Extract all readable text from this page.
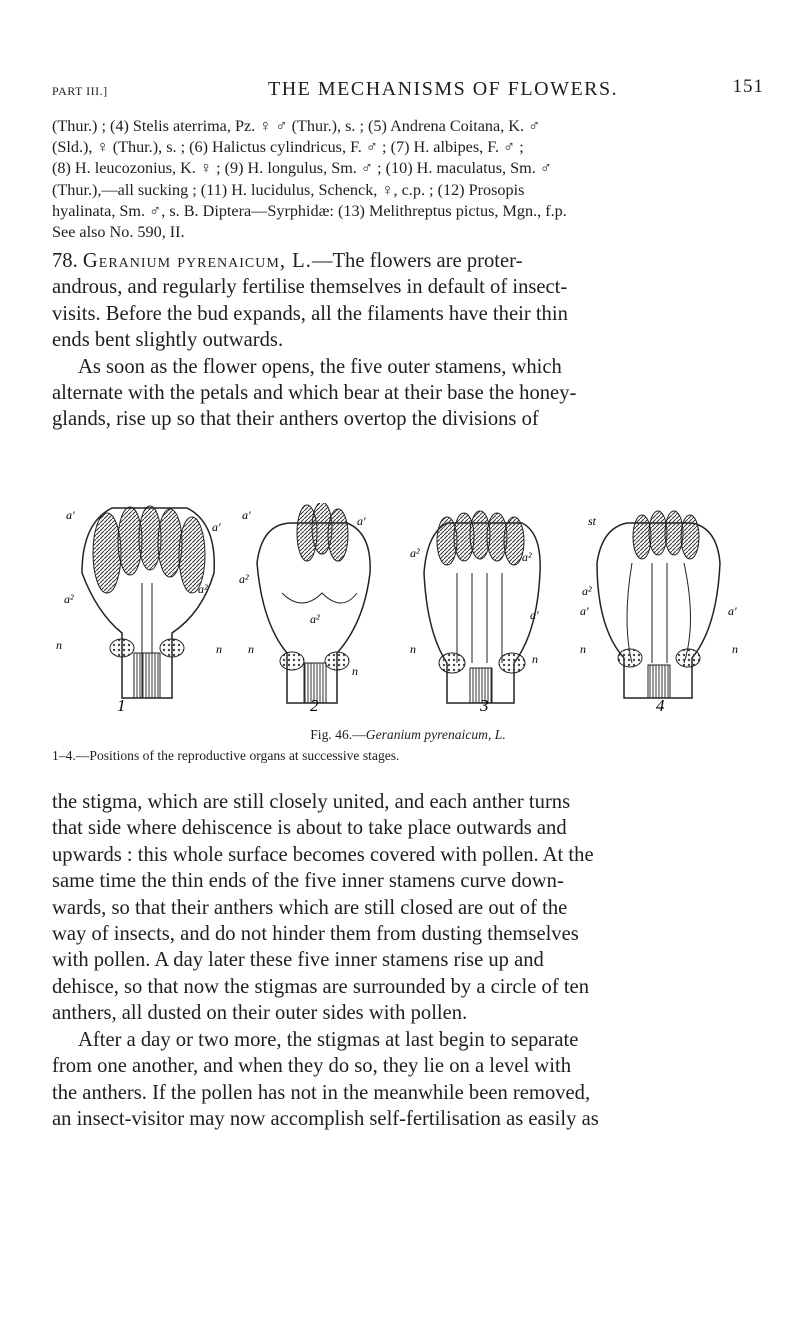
PART III.]	THE MECHANISMS OF FLOWERS.	151
(Thur.) ; (4) Stelis aterrima, Pz. ♀ ♂ (Thur.), s. ; (5) Andrena Coitana, K. ♂
(Sld.), ♀ (Thur.), s. ; (6) Halictus cylindricus, F. ♂ ; (7) H. albipes, F. ♂ ;
(8) H. leucozonius, K. ♀ ; (9) H. longulus, Sm. ♂ ; (10) H. maculatus, Sm. ♂
(Thur.),—all sucking ; (11) H. lucidulus, Schenck, ♀, c.p. ; (12) Prosopis
hyalinata, Sm. ♂, s. B. Diptera—Syrphidæ: (13) Melithreptus pictus, Mgn., f.p.
See also No. 590, II.
78. Geranium pyrenaicum, L.—The flowers are proter-
androus, and regularly fertilise themselves in default of insect-
visits. Before the bud expands, all the filaments have their thin
ends bent slightly outwards.
As soon as the flower opens, the five outer stamens, which
alternate with the petals and which bear at their base the honey-
glands, rise up so that their anthers overtop the divisions of
a′
a′
a²
a²
n	n
a′	a′
a²
a²
n
n
a²	a²
a′
n
n
st
a²
a′	a′
n	n
1	2	3	4
Fig. 46.—Geranium pyrenaicum, L.
1–4.—Positions of the reproductive organs at successive stages.
the stigma, which are still closely united, and each anther turns
that side where dehiscence is about to take place outwards and
upwards : this whole surface becomes covered with pollen. At the
same time the thin ends of the five inner stamens curve down-
wards, so that their anthers which are still closed are out of the
way of insects, and do not hinder them from dusting themselves
with pollen. A day later these five inner stamens rise up and
dehisce, so that now the stigmas are surrounded by a circle of ten
anthers, all dusted on their outer sides with pollen.
After a day or two more, the stigmas at last begin to separate
from one another, and when they do so, they lie on a level with
the anthers. If the pollen has not in the meanwhile been removed,
an insect-visitor may now accomplish self-fertilisation as easily as
